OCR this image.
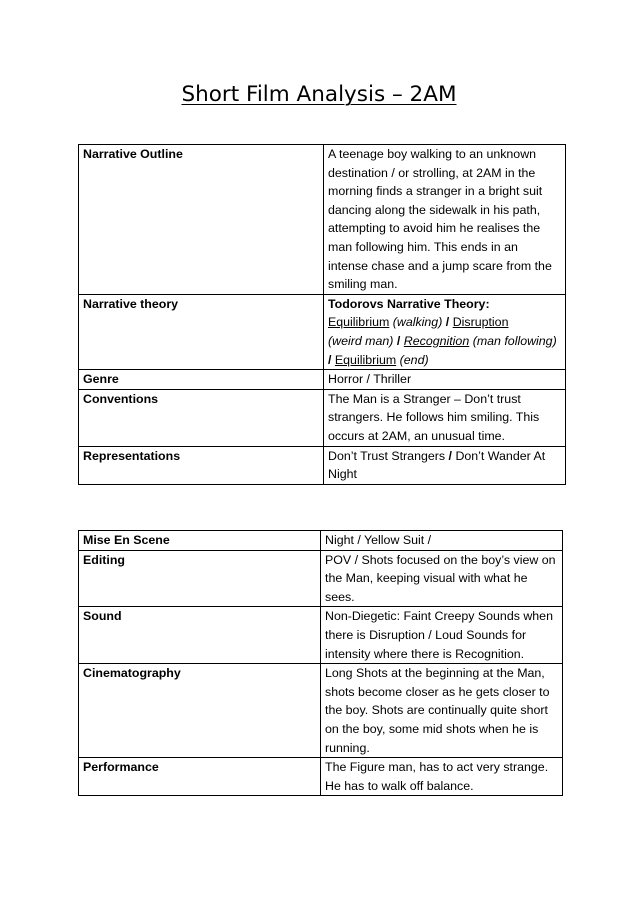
Short Film Analysis – 2AM
Narrative Outline	A teenage boy walking to an unknown destination / or strolling, at 2AM in the morning finds a stranger in a bright suit dancing along the sidewalk in his path, attempting to avoid him he realises the man following him. This ends in an intense chase and a jump scare from the smiling man.
Narrative theory	Todorovs Narrative Theory:
Equilibrium (walking) / Disruption
(weird man) / Recognition (man following) / Equilibrium (end)
Genre	Horror / Thriller
Conventions	The Man is a Stranger – Don’t trust strangers. He follows him smiling. This occurs at 2AM, an unusual time.
Representations	Don’t Trust Strangers / Don’t Wander At Night
Mise En Scene	Night / Yellow Suit /
Editing	POV / Shots focused on the boy’s view on the Man, keeping visual with what he sees.
Sound	Non-Diegetic: Faint Creepy Sounds when there is Disruption / Loud Sounds for intensity where there is Recognition.
Cinematography	Long Shots at the beginning at the Man, shots become closer as he gets closer to the boy. Shots are continually quite short on the boy, some mid shots when he is running.
Performance	The Figure man, has to act very strange. He has to walk off balance.
